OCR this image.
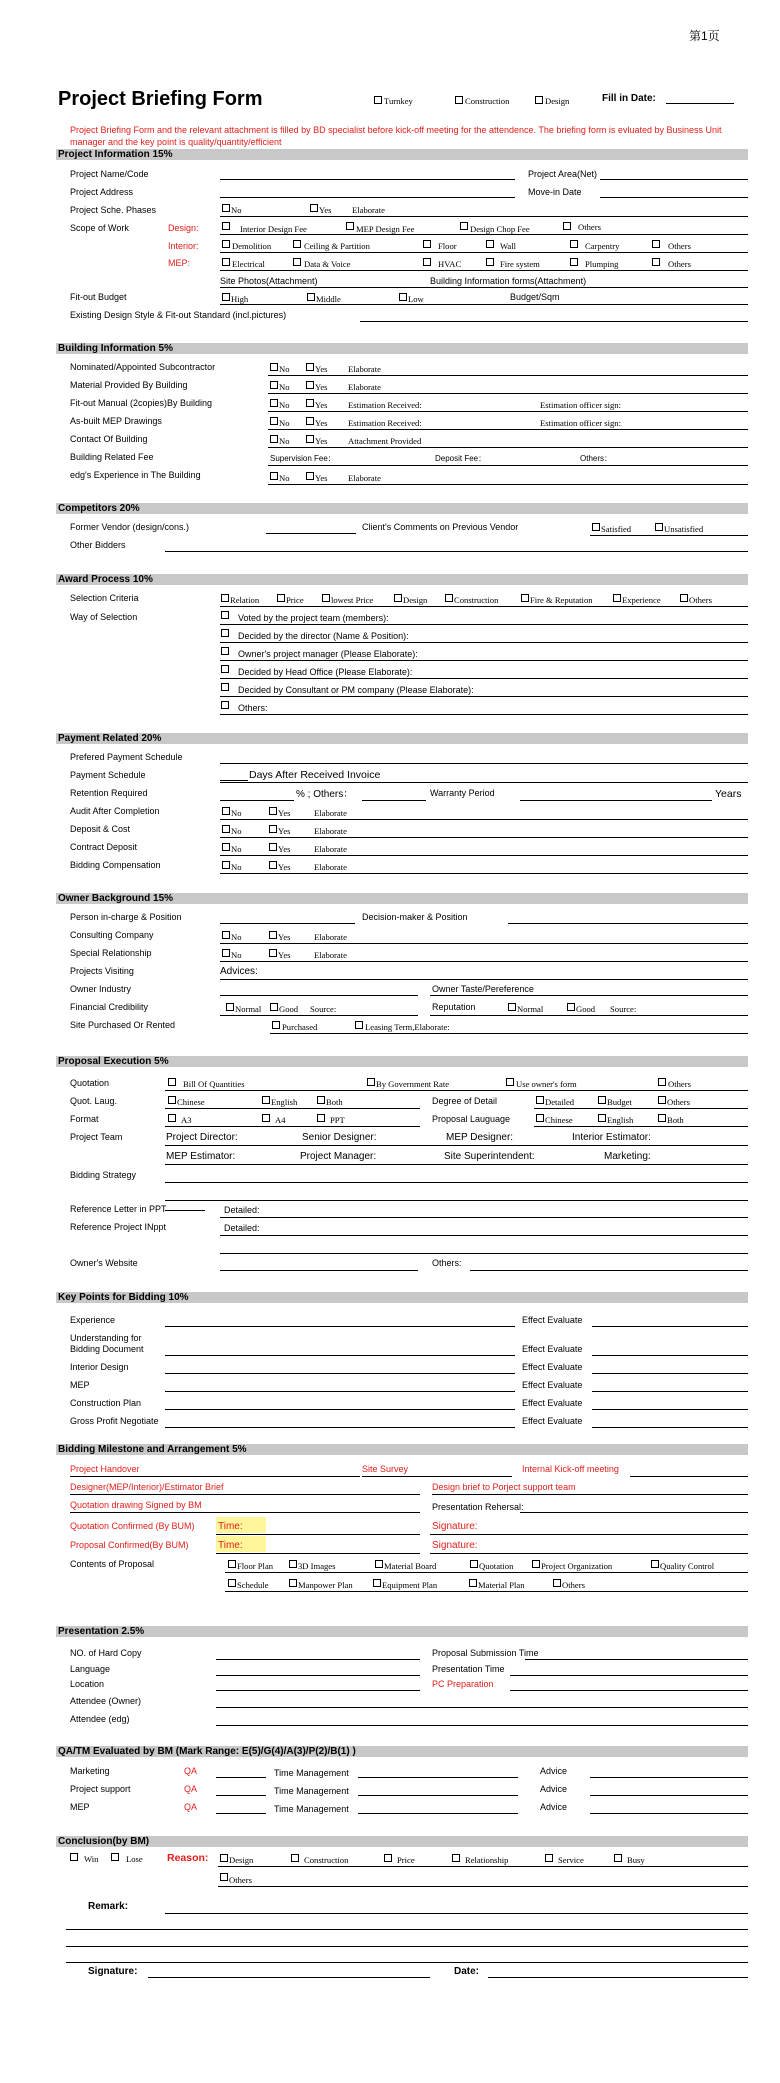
第1页
Project Briefing Form	Turnkey	Construction	Design	Fill in Date:
Project Briefing Form and the relevant attachment is filled by BD specialist before kick-off meeting for the attendence. The briefing form is evluated by Business Unit manager and the key point is quality/quantity/efficient
Project Information 15%
Project Name/Code	Project Area(Net)
Project Address	Move-in Date
Project Sche. Phases	No	Yes Elaborate
Scope of Work	Design:	Interior Design Fee	MEP Design Fee	Design Chop Fee	Others
Interior:	Demolition	Ceiling & Partition	Floor	Wall	Carpentry	Others
MEP:	Electrical	Data & Voice	HVAC	Fire system	Plumping	Others
Site Photos(Attachment)	Building Information forms(Attachment)
Fit-out Budget	High	Middle	Low	Budget/Sqm
Existing Design Style & Fit-out Standard (incl.pictures)
Building Information 5%
Nominated/Appointed Subcontractor	No	Yes Elaborate
Material Provided By Building	No	Yes Elaborate
Fit-out Manual (2copies)By Building	No	Yes Estimation Received:	Estimation officer sign:
As-built MEP Drawings	No	Yes Estimation Received:	Estimation officer sign:
Contact Of Building	No	Yes Attachment Provided
Building Related Fee	Supervision Fee：	Deposit Fee：	Others：
edg's Experience in The Building	No	Yes Elaborate
Competitors 20%
Former Vendor (design/cons.)	Client's Comments on Previous Vendor	Satisfied	Unsatisfied
Other Bidders
Award Process 10%
Selection Criteria	Relation	Price	lowest Price	Design	Construction	Fire & Reputation	Experience	Others
Way of Selection	Voted by the project team (members):
Decided by the director (Name & Position):
Owner's project manager (Please Elaborate):
Decided by Head Office (Please Elaborate):
Decided by Consultant or PM company (Please Elaborate):
Others:
Payment Related 20%
Prefered Payment Schedule
Payment Schedule	Days After Received Invoice
Retention Required	% ; Others：	Warranty Period	Years
Audit After Completion	No	Yes	Elaborate
Deposit & Cost	No	Yes	Elaborate
Contract Deposit	No	Yes	Elaborate
Bidding Compensation	No	Yes	Elaborate
Owner Background 15%
Person in-charge & Position	Decision-maker & Position
Consulting Company	No	Yes	Elaborate
Special Relationship	No	Yes	Elaborate
Projects Visiting	Advices:
Owner Industry	Owner Taste/Pereference
Financial Credibility	Normal Good Source:	Reputation	Normal	Good Source:
Site Purchased Or Rented	Purchased	Leasing Term,Elaborate:
Proposal Execution 5%
Quotation	Bill Of Quantities	By Government Rate	Use owner's form	Others
Quot. Laug.	Chinese	English	Both	Degree of Detail	Detailed	Budget	Others
Format	A3	A4	PPT	Proposal Lauguage	Chinese	English	Both
Project Team	Project Director:	Senior Designer:	MEP Designer:	Interior Estimator:
MEP Estimator:	Project Manager:	Site Superintendent:	Marketing:
Bidding Strategy
Reference Letter in PPT	Detailed:
Reference Project INppt	Detailed:
Owner's Website	Others:
Key Points for Bidding 10%
Experience	Effect Evaluate
Understanding for
Bidding Document	Effect Evaluate
Interior Design	Effect Evaluate
MEP	Effect Evaluate
Construction Plan	Effect Evaluate
Gross Profit Negotiate	Effect Evaluate
Bidding Milestone and Arrangement 5%
Project Handover	Site Survey	Internal Kick-off meeting
Designer(MEP/Interior)/Estimator Brief	Design brief to Porject support team
Quotation drawing Signed by BM	Presentation Rehersal:
Quotation Confirmed (By BUM) Time:	Signature:
Proposal Confirmed(By BUM)	Time:	Signature:
Contents of Proposal	Floor Plan	3D Images	Material Board	Quotation	Project Organization	Quality Control
Schedule	Manpower Plan	Equipment Plan	Material Plan	Others
Presentation 2.5%
NO. of Hard Copy	Proposal Submission Time
Language	Presentation Time
Location	PC Preparation
Attendee (Owner)
Attendee (edg)
QA/TM Evaluated by BM (Mark Range: E(5)/G(4)/A(3)/P(2)/B(1) )
Marketing	QA	Time Management	Advice
Project support	QA	Time Management	Advice
MEP	QA	Time Management	Advice
Conclusion(by BM)
Win	Lose Reason: Design	Construction	Price	Relationship	Service	Busy
Others
Remark:
Signature:	Date:
